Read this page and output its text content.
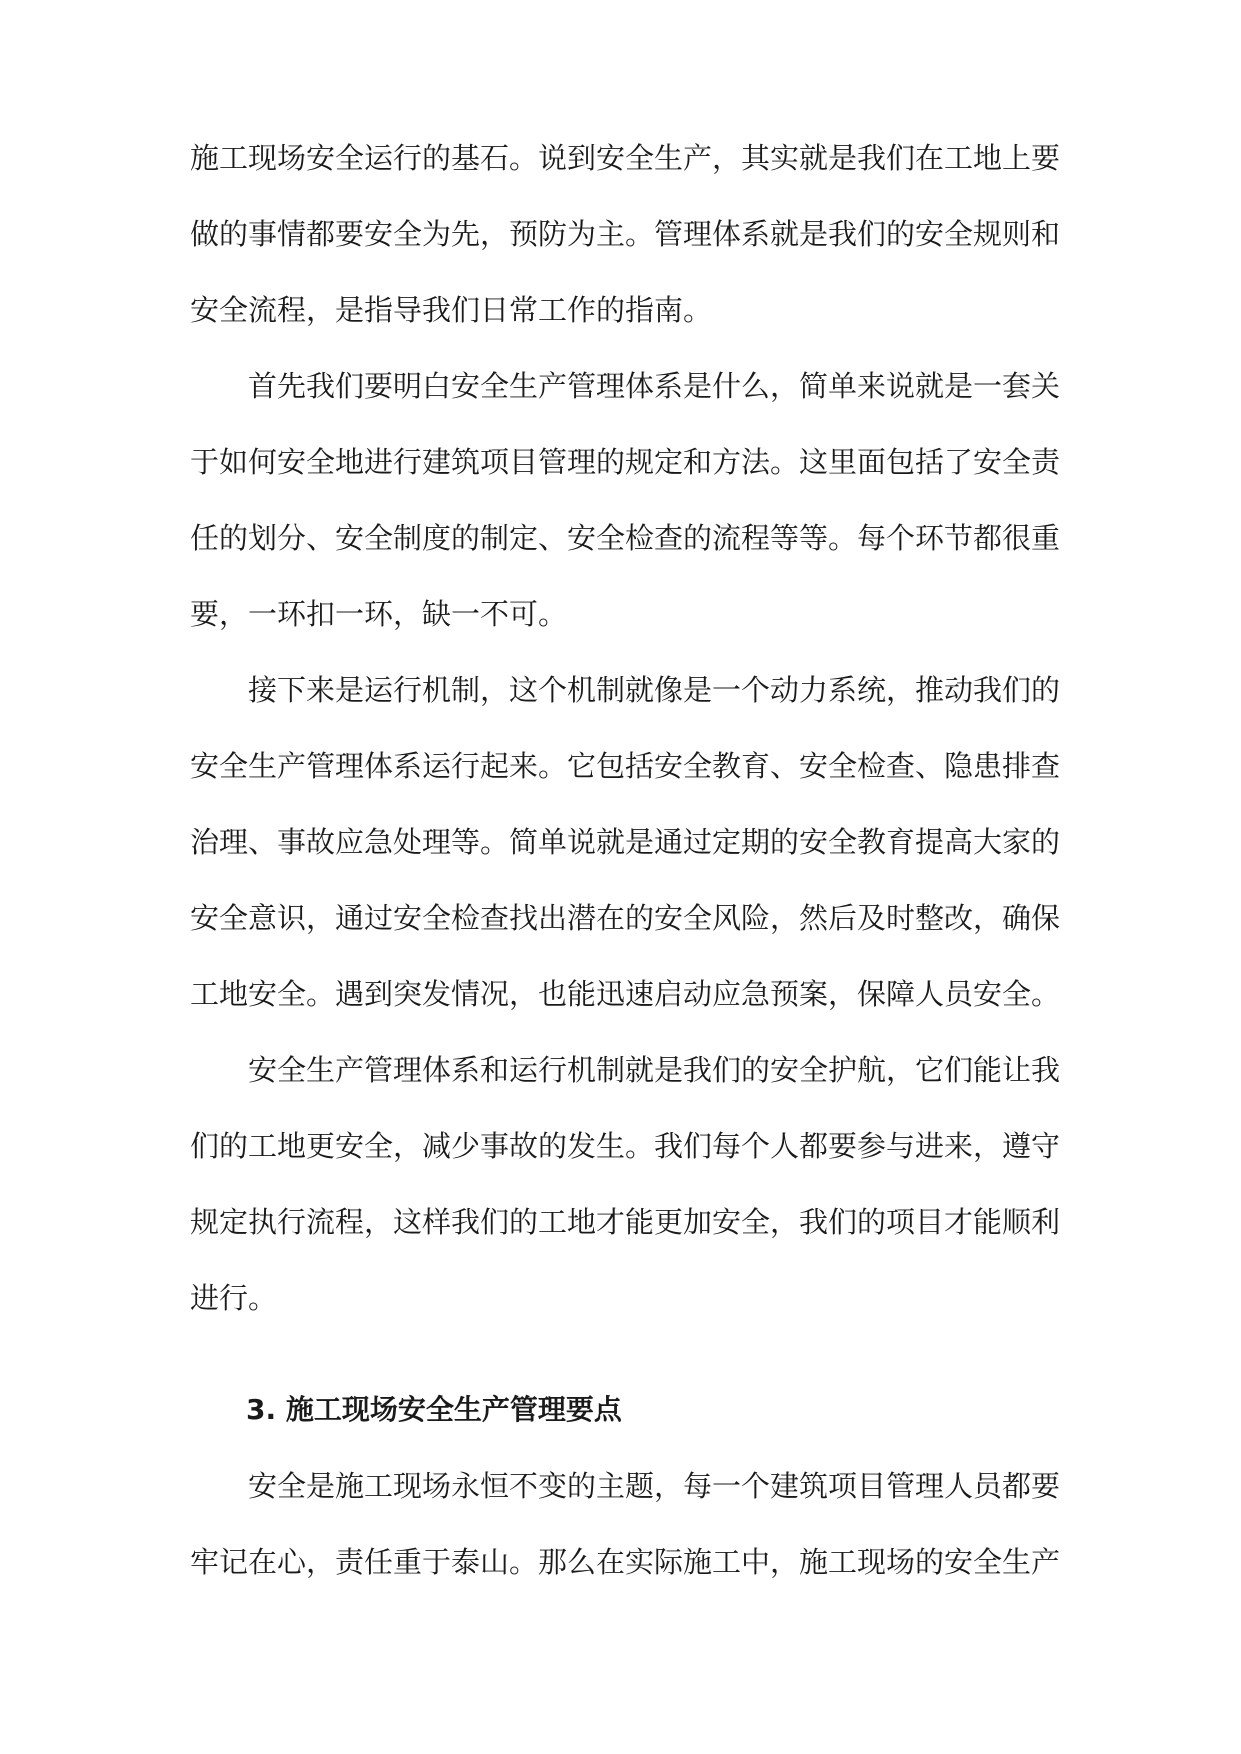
施工现场安全运行的基石。说到安全生产，其实就是我们在工地上要
做的事情都要安全为先，预防为主。管理体系就是我们的安全规则和
安全流程，是指导我们日常工作的指南。
首先我们要明白安全生产管理体系是什么，简单来说就是一套关
于如何安全地进行建筑项目管理的规定和方法。这里面包括了安全责
任的划分、安全制度的制定、安全检查的流程等等。每个环节都很重
要，一环扣一环，缺一不可。
接下来是运行机制，这个机制就像是一个动力系统，推动我们的
安全生产管理体系运行起来。它包括安全教育、安全检查、隐患排查
治理、事故应急处理等。简单说就是通过定期的安全教育提高大家的
安全意识，通过安全检查找出潜在的安全风险，然后及时整改，确保
工地安全。遇到突发情况，也能迅速启动应急预案，保障人员安全。
安全生产管理体系和运行机制就是我们的安全护航，它们能让我
们的工地更安全，减少事故的发生。我们每个人都要参与进来，遵守
规定执行流程，这样我们的工地才能更加安全，我们的项目才能顺利
进行。
3. 施工现场安全生产管理要点
安全是施工现场永恒不变的主题，每一个建筑项目管理人员都要
牢记在心，责任重于泰山。那么在实际施工中，施工现场的安全生产
